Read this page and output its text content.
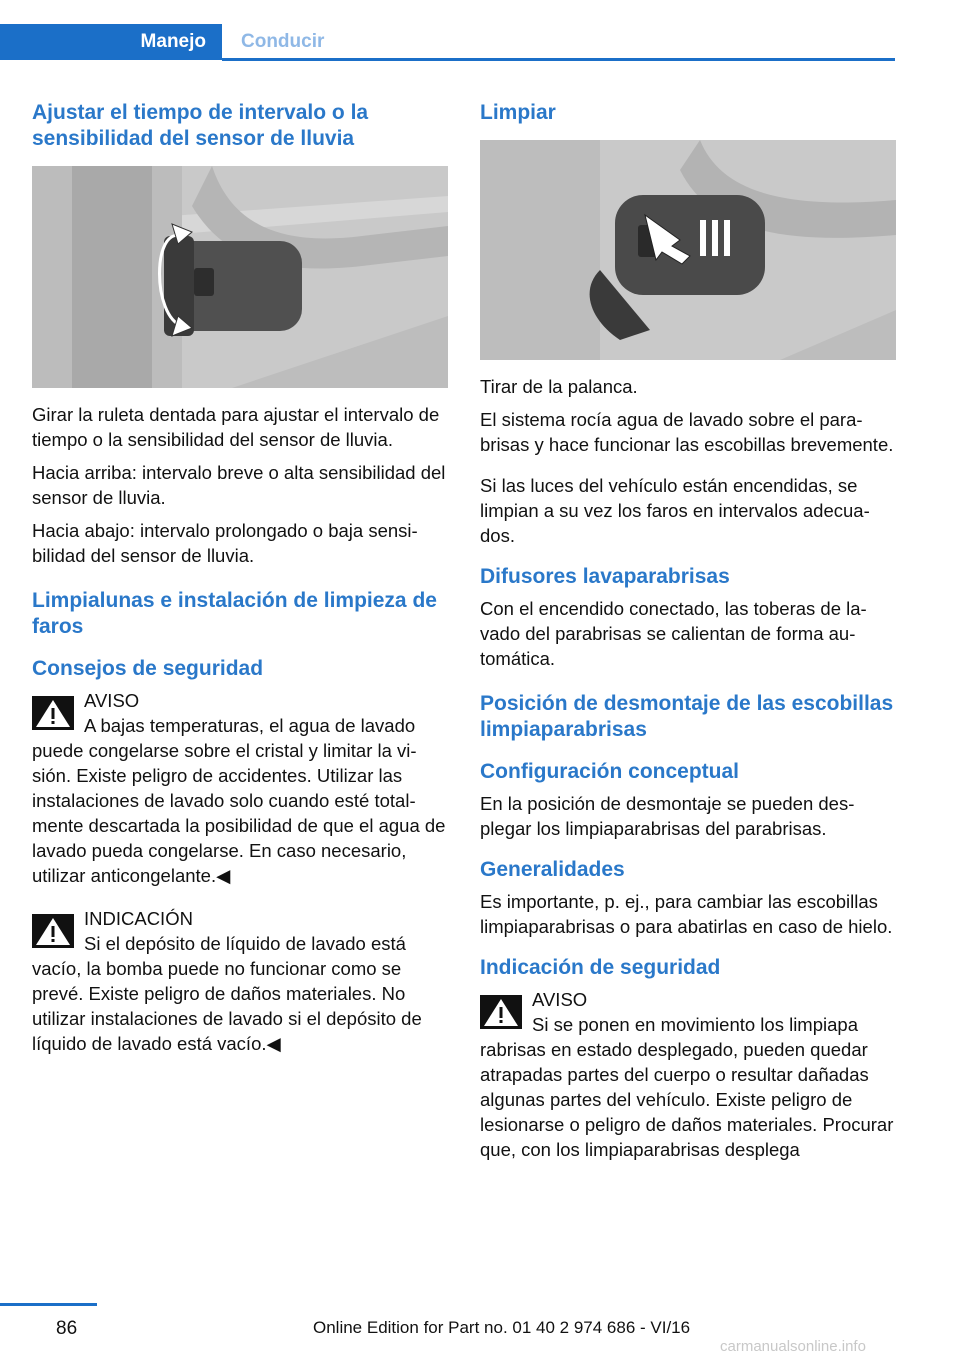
Manejo	Conducir
Ajustar el tiempo de intervalo o la sensibilidad del sensor de lluvia

Girar la ruleta dentada para ajustar el intervalo de tiempo o la sensibilidad del sensor de lluvia.

Hacia arriba: intervalo breve o alta sensibilidad del sensor de lluvia.

Hacia abajo: intervalo prolongado o baja sensibilidad del sensor de lluvia.

Limpialunas e instalación de limpieza de faros
Consejos de seguridad
AVISO
A bajas temperaturas, el agua de lavado

puede congelarse sobre el cristal y limitar la visión. Existe peligro de accidentes. Utilizar las instalaciones de lavado solo cuando esté totalmente descartada la posibilidad de que el agua de lavado pueda congelarse. En caso necesario, utilizar anticongelante.◀

INDICACIÓN
Si el depósito de líquido de lavado está

vacío, la bomba puede no funcionar como se prevé. Existe peligro de daños materiales. No utilizar instalaciones de lavado si el depósito de líquido de lavado está vacío.◀

Limpiar

Tirar de la palanca.

El sistema rocía agua de lavado sobre el parabrisas y hace funcionar las escobillas brevemente.

Si las luces del vehículo están encendidas, se limpian a su vez los faros en intervalos adecuados.

Difusores lavaparabrisas

Con el encendido conectado, las toberas de lavado del parabrisas se calientan de forma automática.

Posición de desmontaje de las escobillas limpiaparabrisas
Configuración conceptual

En la posición de desmontaje se pueden desplegar los limpiaparabrisas del parabrisas.

Generalidades

Es importante, p. ej., para cambiar las escobillas limpiaparabrisas o para abatirlas en caso de hielo.

Indicación de seguridad
AVISO
Si se ponen en movimiento los limpiapa

rabrisas en estado desplegado, pueden quedar atrapadas partes del cuerpo o resultar dañadas algunas partes del vehículo. Existe peligro de lesionarse o peligro de daños materiales. Procurar que, con los limpiaparabrisas desplega

86	Online Edition for Part no. 01 40 2 974 686 - VI/16
carmanualsonline.info
